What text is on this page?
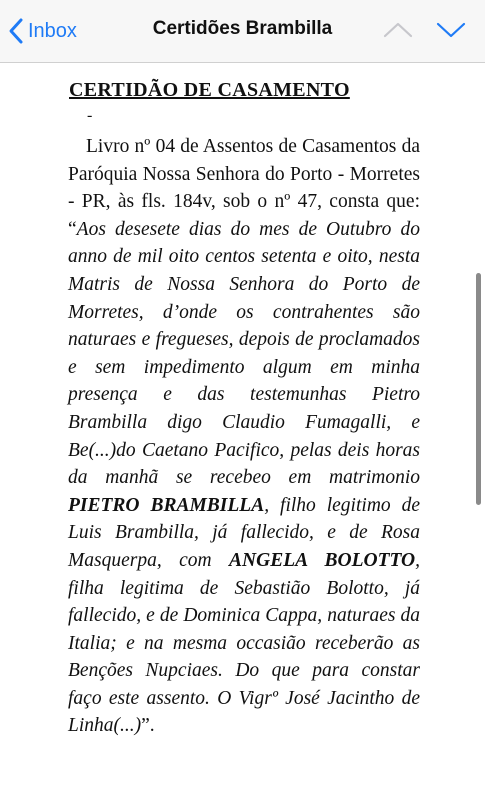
Inbox	Certidões Brambilla
CERTIDÃO DE CASAMENTO
-
Livro nº 04 de Assentos de Casamentos da Paróquia Nossa Senhora do Porto - Morretes - PR, às fls. 184v, sob o nº 47, consta que: “Aos desesete dias do mes de Outubro do anno de mil oito centos setenta e oito, nesta Matris de Nossa Senhora do Porto de Morretes, d’onde os contrahentes são naturaes e fregueses, depois de proclamados e sem impedimento algum em minha presença e das testemunhas Pietro Brambilla digo Claudio Fumagalli, e Be(...)do Caetano Pacifico, pelas deis horas da manhã se recebeo em matrimonio PIETRO BRAMBILLA, filho legitimo de Luis Brambilla, já fallecido, e de Rosa Masquerpa, com ANGELA BOLOTTO, filha legitima de Sebastião Bolotto, já fallecido, e de Dominica Cappa, naturaes da Italia; e na mesma occasião receberão as Benções Nupciaes. Do que para constar faço este assento. O Vigrº José Jacintho de Linha(...)”.
